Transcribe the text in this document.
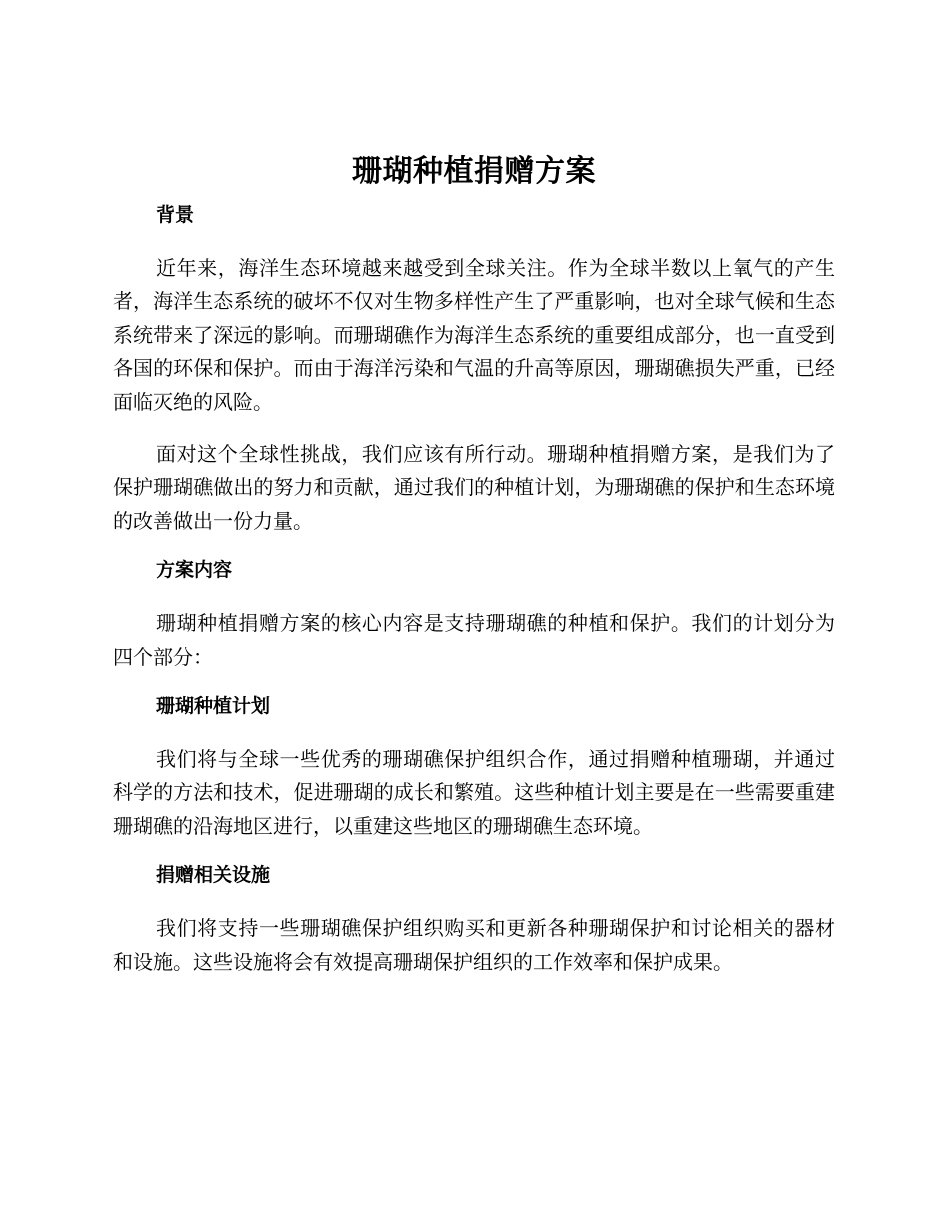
珊瑚种植捐赠方案
背景

近年来，海洋生态环境越来越受到全球关注。作为全球半数以上氧气的产生者，海洋生态系统的破坏不仅对生物多样性产生了严重影响，也对全球气候和生态系统带来了深远的影响。而珊瑚礁作为海洋生态系统的重要组成部分，也一直受到各国的环保和保护。而由于海洋污染和气温的升高等原因，珊瑚礁损失严重，已经面临灭绝的风险。

面对这个全球性挑战，我们应该有所行动。珊瑚种植捐赠方案，是我们为了保护珊瑚礁做出的努力和贡献，通过我们的种植计划，为珊瑚礁的保护和生态环境的改善做出一份力量。

方案内容

珊瑚种植捐赠方案的核心内容是支持珊瑚礁的种植和保护。我们的计划分为四个部分：

珊瑚种植计划

我们将与全球一些优秀的珊瑚礁保护组织合作，通过捐赠种植珊瑚，并通过科学的方法和技术，促进珊瑚的成长和繁殖。这些种植计划主要是在一些需要重建珊瑚礁的沿海地区进行，以重建这些地区的珊瑚礁生态环境。

捐赠相关设施

我们将支持一些珊瑚礁保护组织购买和更新各种珊瑚保护和讨论相关的器材和设施。这些设施将会有效提高珊瑚保护组织的工作效率和保护成果。
